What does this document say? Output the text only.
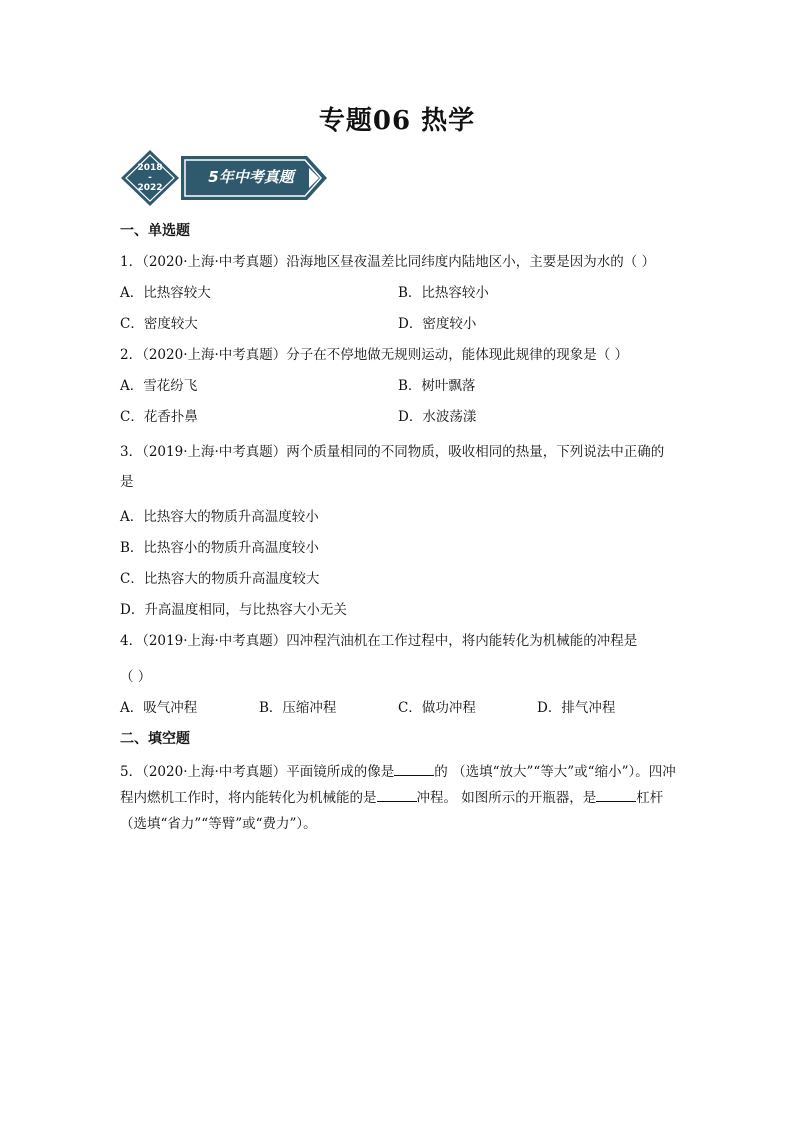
专题06 热学
2018
-
2022
5年中考真题
一、单选题

1．（2020·上海·中考真题）沿海地区昼夜温差比同纬度内陆地区小，主要是因为水的（ ）

A．比热容较大	B．比热容较小
C．密度较大	D．密度较小

2．（2020·上海·中考真题）分子在不停地做无规则运动，能体现此规律的现象是（ ）

A．雪花纷飞	B．树叶飘落
C．花香扑鼻	D．水波荡漾

3．（2019·上海·中考真题）两个质量相同的不同物质，吸收相同的热量，下列说法中正确的是

A．比热容大的物质升高温度较小
B．比热容小的物质升高温度较小
C．比热容大的物质升高温度较大
D．升高温度相同，与比热容大小无关

4．（2019·上海·中考真题）四冲程汽油机在工作过程中，将内能转化为机械能的冲程是

（ ）

A．吸气冲程	B．压缩冲程	C．做功冲程	D．排气冲程
二、填空题

5．（2020·上海·中考真题）平面镜所成的像是	的 （选填“放大”“等大”或“缩小”）。四冲程内燃机工作时，将内能转化为机械能的是	冲程。 如图所示的开瓶器，是	杠杆（选填“省力”“等臂”或“费力”）。
